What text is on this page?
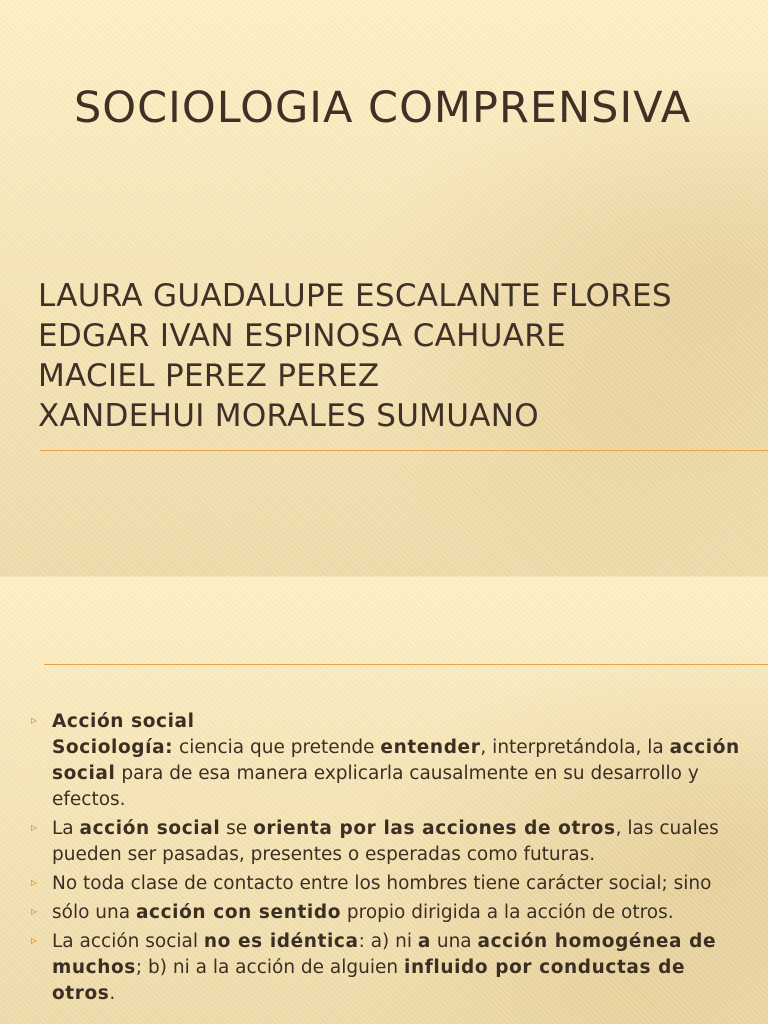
SOCIOLOGIA COMPRENSIVA
LAURA GUADALUPE ESCALANTE FLORES
EDGAR IVAN ESPINOSA CAHUARE
MACIEL PEREZ PEREZ
XANDEHUI MORALES SUMUANO
▹ Acción social
Sociología: ciencia que pretende entender, interpretándola, la acción social para de esa manera explicarla causalmente en su desarrollo y efectos.
▹ La acción social se orienta por las acciones de otros, las cuales pueden ser pasadas, presentes o esperadas como futuras.
▹ No toda clase de contacto entre los hombres tiene carácter social; sino
▹ sólo una acción con sentido propio dirigida a la acción de otros.
▹ La acción social no es idéntica: a) ni a una acción homogénea de muchos; b) ni a la acción de alguien influido por conductas de otros.
